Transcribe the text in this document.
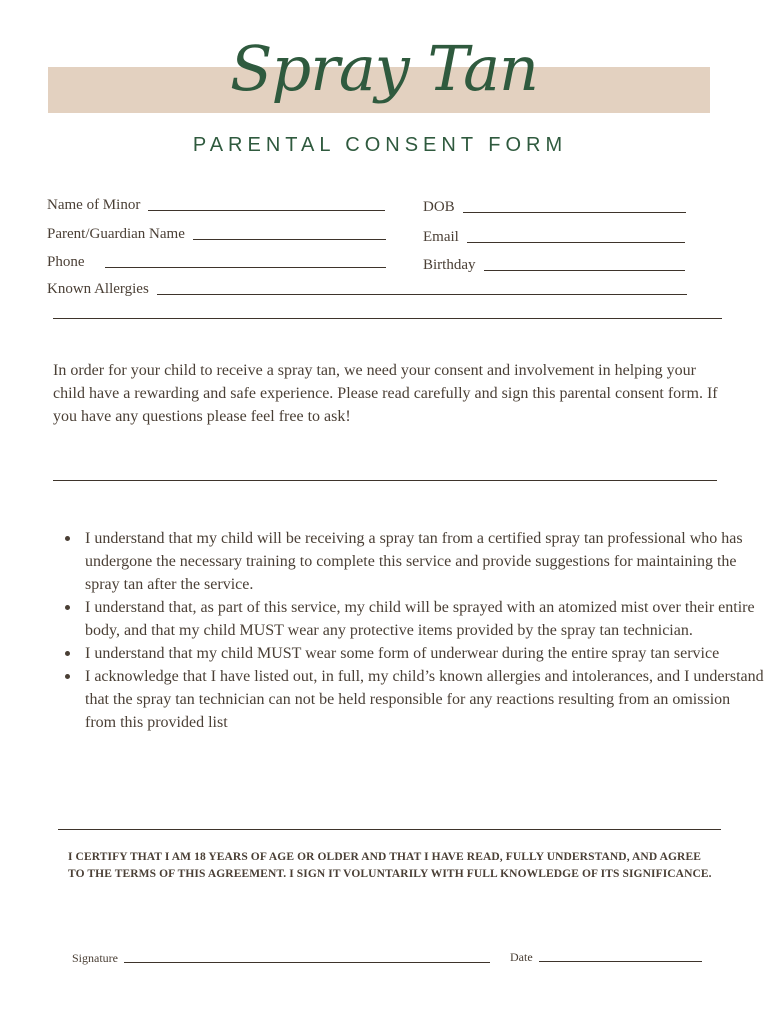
Spray Tan
PARENTAL CONSENT FORM
Name of Minor	DOB
Parent/Guardian Name	Email
Phone	Birthday
Known Allergies

In order for your child to receive a spray tan, we need your consent and involvement in helping your child have a rewarding and safe experience. Please read carefully and sign this parental consent form. If you have any questions please feel free to ask!

I understand that my child will be receiving a spray tan from a certified spray tan professional who has undergone the necessary training to complete this service and provide suggestions for maintaining the spray tan after the service.
I understand that, as part of this service, my child will be sprayed with an atomized mist over their entire body, and that my child MUST wear any protective items provided by the spray tan technician.
I understand that my child MUST wear some form of underwear during the entire spray tan service
I acknowledge that I have listed out, in full, my child’s known allergies and intolerances, and I understand that the spray tan technician can not be held responsible for any reactions resulting from an omission from this provided list

I CERTIFY THAT I AM 18 YEARS OF AGE OR OLDER AND THAT I HAVE READ, FULLY UNDERSTAND, AND AGREE TO THE TERMS OF THIS AGREEMENT. I SIGN IT VOLUNTARILY WITH FULL KNOWLEDGE OF ITS SIGNIFICANCE.

Signature	Date
